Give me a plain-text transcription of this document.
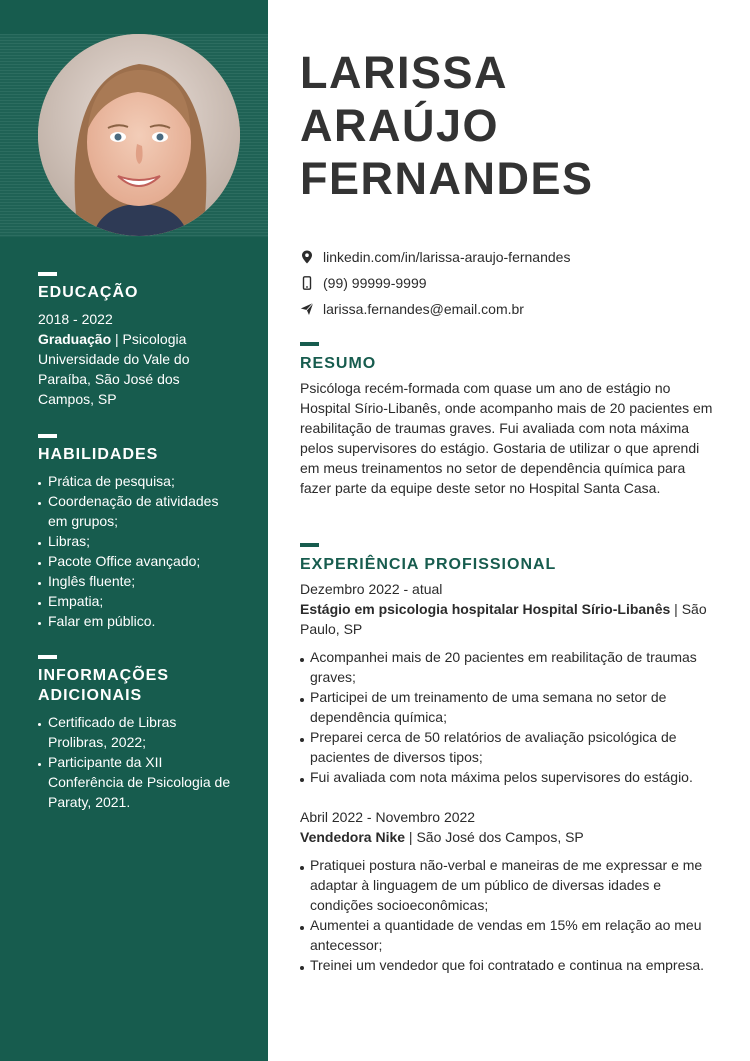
EDUCAÇÃO
2018 - 2022
Graduação | Psicologia Universidade do Vale do Paraíba, São José dos Campos, SP
HABILIDADES
Prática de pesquisa;
Coordenação de atividades em grupos;
Libras;
Pacote Office avançado;
Inglês fluente;
Empatia;
Falar em público.
INFORMAÇÕES ADICIONAIS
Certificado de Libras Prolibras, 2022;
Participante da XII Conferência de Psicologia de Paraty, 2021.
LARISSA
ARAÚJO
FERNANDES
linkedin.com/in/larissa-araujo-fernandes
(99) 99999-9999
larissa.fernandes@email.com.br
RESUMO
Psicóloga recém-formada com quase um ano de estágio no Hospital Sírio-Libanês, onde acompanho mais de 20 pacientes em reabilitação de traumas graves. Fui avaliada com nota máxima pelos supervisores do estágio. Gostaria de utilizar o que aprendi em meus treinamentos no setor de dependência química para fazer parte da equipe deste setor no Hospital Santa Casa.
EXPERIÊNCIA PROFISSIONAL
Dezembro 2022 - atual
Estágio em psicologia hospitalar Hospital Sírio-Libanês | São Paulo, SP
Acompanhei mais de 20 pacientes em reabilitação de traumas graves;
Participei de um treinamento de uma semana no setor de dependência química;
Preparei cerca de 50 relatórios de avaliação psicológica de pacientes de diversos tipos;
Fui avaliada com nota máxima pelos supervisores do estágio.
Abril 2022 - Novembro 2022
Vendedora Nike | São José dos Campos, SP
Pratiquei postura não-verbal e maneiras de me expressar e me adaptar à linguagem de um público de diversas idades e condições socioeconômicas;
Aumentei a quantidade de vendas em 15% em relação ao meu antecessor;
Treinei um vendedor que foi contratado e continua na empresa.
